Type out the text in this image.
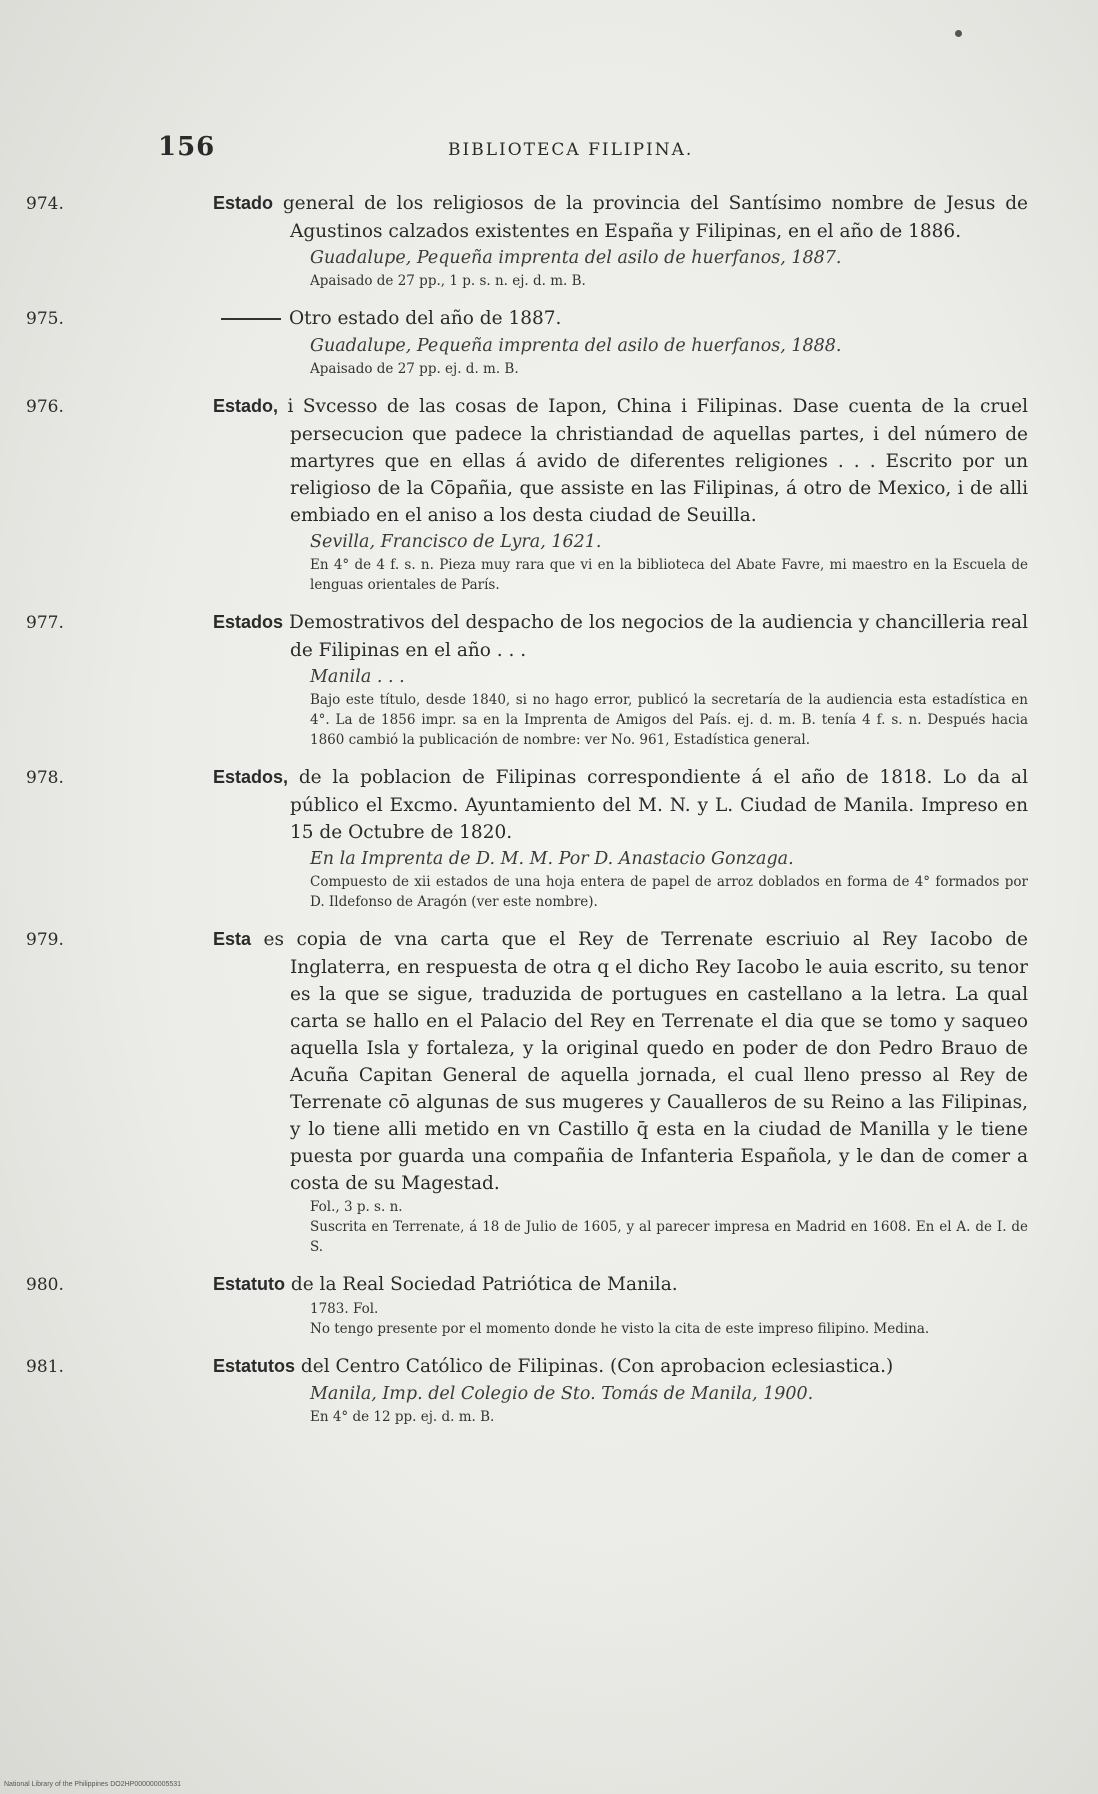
156	BIBLIOTECA FILIPINA.
974.	Estado general de los religiosos de la provincia del Santísimo nombre de Jesus de Agustinos calzados existentes en España y Filipinas, en el año de 1886.
Guadalupe, Pequeña imprenta del asilo de huerfanos, 1887.
Apaisado de 27 pp., 1 p. s. n. ej. d. m. B.
975.	Otro estado del año de 1887.
Guadalupe, Pequeña imprenta del asilo de huerfanos, 1888.
Apaisado de 27 pp. ej. d. m. B.
976.	Estado, i Svcesso de las cosas de Iapon, China i Filipinas. Dase cuenta de la cruel persecucion que padece la christiandad de aquellas partes, i del número de martyres que en ellas á avido de diferentes religiones . . . Escrito por un religioso de la Cōpañia, que assiste en las Filipinas, á otro de Mexico, i de alli embiado en el aniso a los desta ciudad de Seuilla.
Sevilla, Francisco de Lyra, 1621.
En 4° de 4 f. s. n. Pieza muy rara que vi en la biblioteca del Abate Favre, mi maestro en la Escuela de lenguas orientales de París.
977.	Estados Demostrativos del despacho de los negocios de la audiencia y chancilleria real de Filipinas en el año . . .
Manila . . .
Bajo este título, desde 1840, si no hago error, publicó la secretaría de la audiencia esta estadística en 4°. La de 1856 impr. sa en la Imprenta de Amigos del País. ej. d. m. B. tenía 4 f. s. n. Después hacia 1860 cambió la publicación de nombre: ver No. 961, Estadística general.
978.	Estados, de la poblacion de Filipinas correspondiente á el año de 1818. Lo da al público el Excmo. Ayuntamiento del M. N. y L. Ciudad de Manila. Impreso en 15 de Octubre de 1820.
En la Imprenta de D. M. M. Por D. Anastacio Gonzaga.
Compuesto de xii estados de una hoja entera de papel de arroz doblados en forma de 4° formados por D. Ildefonso de Aragón (ver este nombre).
979.	Esta es copia de vna carta que el Rey de Terrenate escriuio al Rey Iacobo de Inglaterra, en respuesta de otra q el dicho Rey Iacobo le auia escrito, su tenor es la que se sigue, traduzida de portugues en castellano a la letra. La qual carta se hallo en el Palacio del Rey en Terrenate el dia que se tomo y saqueo aquella Isla y fortaleza, y la original quedo en poder de don Pedro Brauo de Acuña Capitan General de aquella jornada, el cual lleno presso al Rey de Terrenate cō algunas de sus mugeres y Caualleros de su Reino a las Filipinas, y lo tiene alli metido en vn Castillo q̄ esta en la ciudad de Manilla y le tiene puesta por guarda una compañia de Infanteria Española, y le dan de comer a costa de su Magestad.
Fol., 3 p. s. n.
Suscrita en Terrenate, á 18 de Julio de 1605, y al parecer impresa en Madrid en 1608. En el A. de I. de S.
980.	Estatuto de la Real Sociedad Patriótica de Manila.
1783. Fol.
No tengo presente por el momento donde he visto la cita de este impreso filipino. Medina.
981.	Estatutos del Centro Católico de Filipinas. (Con aprobacion eclesiastica.)
Manila, Imp. del Colegio de Sto. Tomás de Manila, 1900.
En 4° de 12 pp. ej. d. m. B.
National Library of the Philippines DO2HP000000005531
